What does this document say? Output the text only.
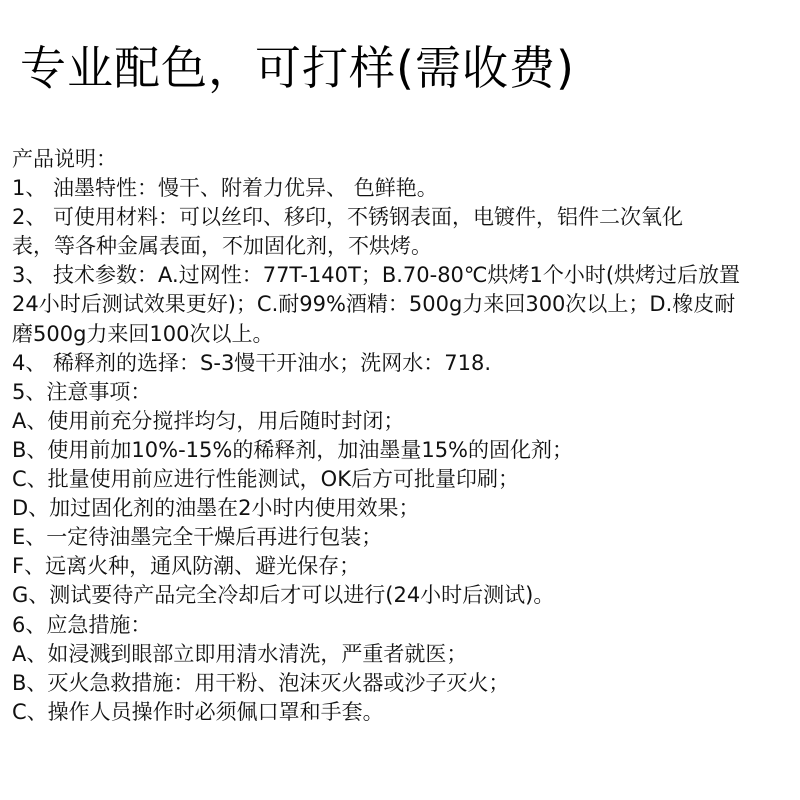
专业配色，可打样(需收费)
产品说明：
1、 油墨特性：慢干、附着力优异、 色鲜艳。
2、 可使用材料：可以丝印、移印，不锈钢表面，电镀件，铝件二次氧化
表，等各种金属表面，不加固化剂，不烘烤。
3、 技术参数：A.过网性：77T-140T；B.70-80℃烘烤1个小时(烘烤过后放置
24小时后测试效果更好)；C.耐99%酒精：500g力来回300次以上；D.橡皮耐
磨500g力来回100次以上。
4、 稀释剂的选择：S-3慢干开油水；洗网水：718.
5、注意事项：
A、使用前充分搅拌均匀，用后随时封闭；
B、使用前加10%-15%的稀释剂，加油墨量15%的固化剂；
C、批量使用前应进行性能测试，OK后方可批量印刷；
D、加过固化剂的油墨在2小时内使用效果；
E、一定待油墨完全干燥后再进行包装；
F、远离火种，通风防潮、避光保存；
G、测试要待产品完全冷却后才可以进行(24小时后测试)。
6、应急措施：
A、如浸溅到眼部立即用清水清洗，严重者就医；
B、灭火急救措施：用干粉、泡沫灭火器或沙子灭火；
C、操作人员操作时必须佩口罩和手套。
